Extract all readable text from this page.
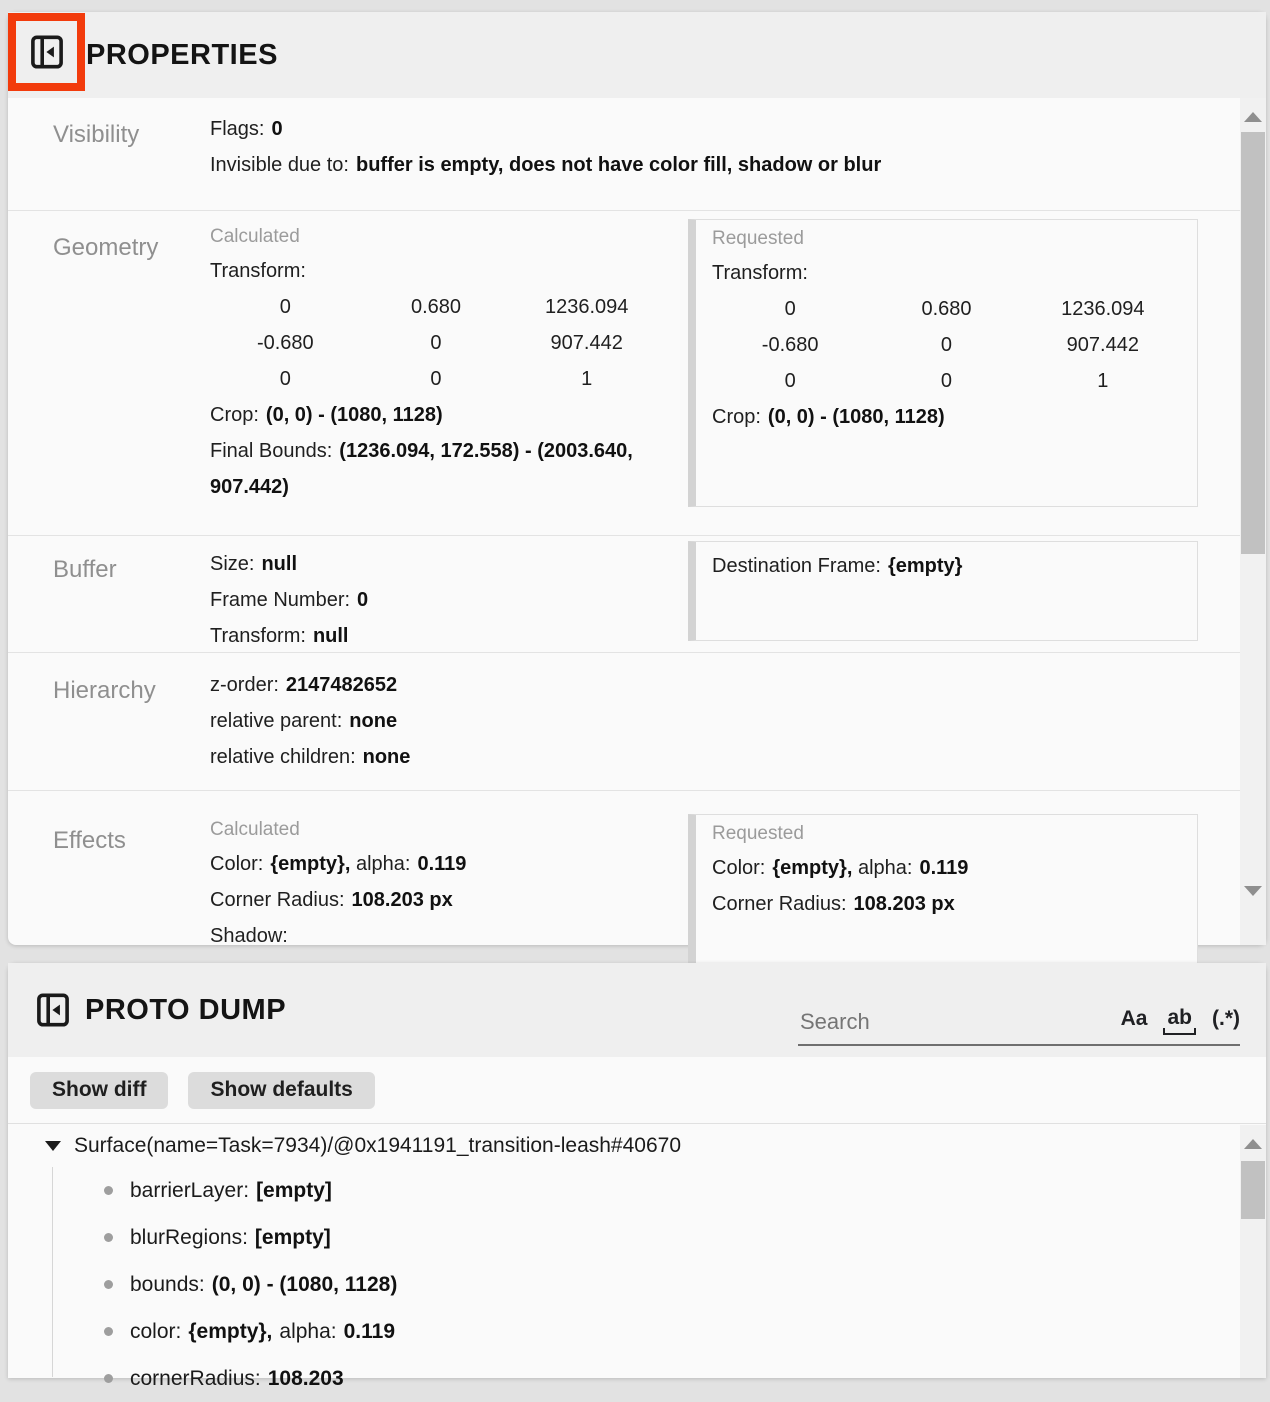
PROPERTIES
Visibility	Flags: 0
Invisible due to: buffer is empty, does not have color fill, shadow or blur
Geometry	Calculated
Transform:
0	0.680	1236.094
-0.680	0	907.442
0	0	1
Crop: (0, 0) - (1080, 1128)
Final Bounds: (1236.094, 172.558) - (2003.640, 907.442)
Requested
Transform:
0	0.680	1236.094
-0.680	0	907.442
0	0	1
Crop: (0, 0) - (1080, 1128)
Buffer	Size: null
Frame Number: 0
Transform: null
Destination Frame: {empty}
Hierarchy	z-order: 2147482652
relative parent: none
relative children: none
Effects	Calculated
Color: {empty}, alpha: 0.119
Corner Radius: 108.203 px
Shadow:
Requested
Color: {empty}, alpha: 0.119
Corner Radius: 108.203 px
PROTO DUMP
Search	Aa ab (.*)
Show diff	Show defaults
Surface(name=Task=7934)/@0x1941191_transition-leash#40670
barrierLayer: [empty]
blurRegions: [empty]
bounds: (0, 0) - (1080, 1128)
color: {empty}, alpha: 0.119
cornerRadius: 108.203
